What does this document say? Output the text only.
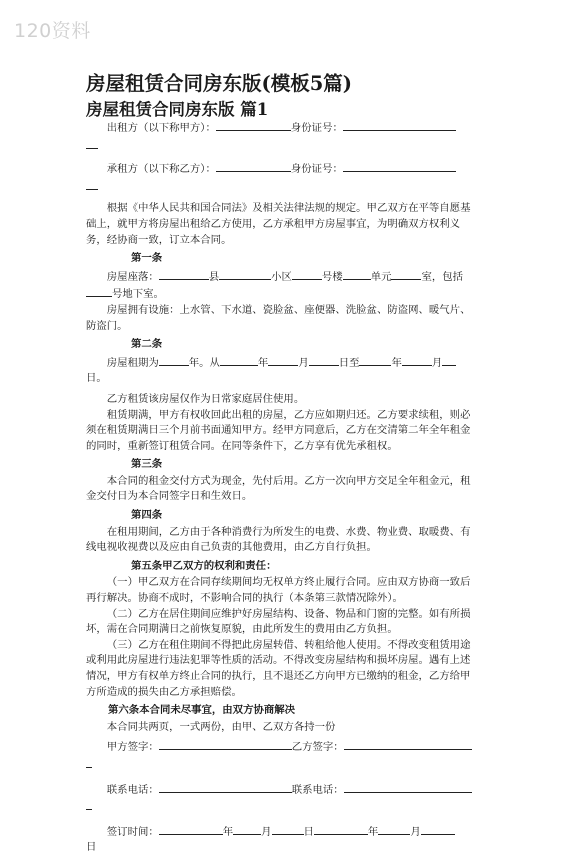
120资料
房屋租赁合同房东版(模板5篇)
房屋租赁合同房东版 篇1

出租方（以下称甲方）：	身份证号：

承租方（以下称乙方）：	身份证号：

根据《中华人民共和国合同法》及相关法律法规的规定。甲乙双方在平等自愿基础上，就甲方将房屋出租给乙方使用，乙方承租甲方房屋事宜，为明确双方权利义务，经协商一致，订立本合同。

第一条

房屋座落：	县	小区	号楼	单元	室，包括号地下室。

房屋拥有设施：上水管、下水道、瓷脸盆、座便器、洗脸盆、防盗网、暖气片、防盗门。

第二条

房屋租期为	年。从	年	月	日至	年	月

日。

乙方租赁该房屋仅作为日常家庭居住使用。

租赁期满，甲方有权收回此出租的房屋，乙方应如期归还。乙方要求续租，则必须在租赁期满日三个月前书面通知甲方。经甲方同意后，乙方在交清第二年全年租金的同时，重新签订租赁合同。在同等条件下，乙方享有优先承租权。

第三条

本合同的租金交付方式为现金，先付后用。乙方一次向甲方交足全年租金元，租金交付日为本合同签字日和生效日。

第四条

在租用期间，乙方由于各种消费行为所发生的电费、水费、物业费、取暖费、有线电视收视费以及应由自己负责的其他费用，由乙方自行负担。

第五条甲乙双方的权利和责任：

（一）甲乙双方在合同存续期间均无权单方终止履行合同。应由双方协商一致后再行解决。协商不成时，不影响合同的执行（本条第三款情况除外）。

（二）乙方在居住期间应维护好房屋结构、设备、物品和门窗的完整。如有所损坏，需在合同期满日之前恢复原貌，由此所发生的费用由乙方负担。

（三）乙方在租住期间不得把此房屋转借、转租给他人使用。不得改变租赁用途或利用此房屋进行违法犯罪等性质的活动。不得改变房屋结构和损坏房屋。遇有上述情况，甲方有权单方终止合同的执行，且不退还乙方向甲方已缴纳的租金，乙方给甲方所造成的损失由乙方承担赔偿。

第六条本合同未尽事宜，由双方协商解决

本合同共两页，一式两份，由甲、乙双方各持一份

甲方签字：	乙方签字：

联系电话：	联系电话：

签订时间：	年	月	日	年	月

日
